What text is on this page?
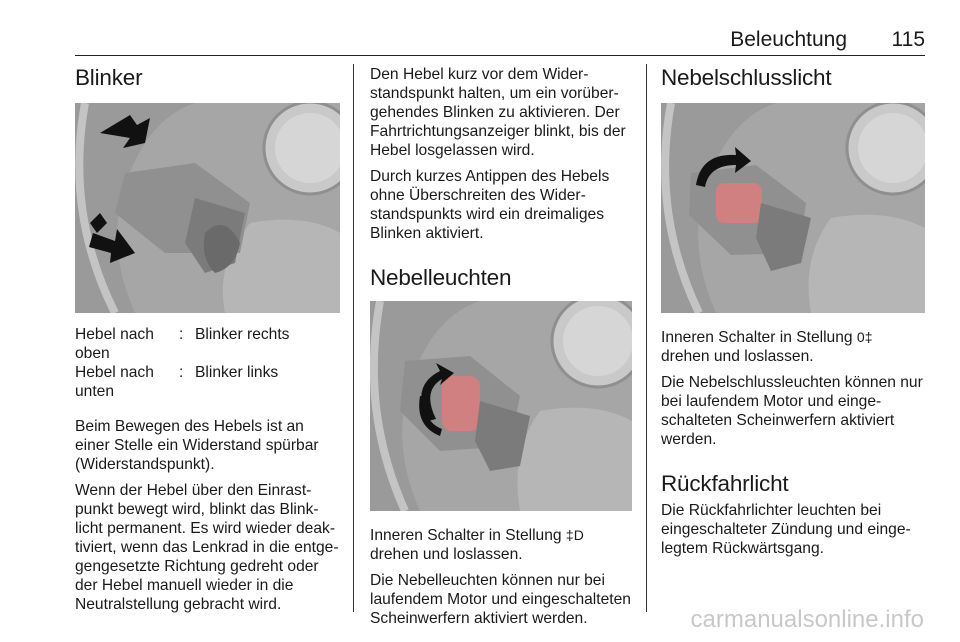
Beleuchtung 115
Blinker
Hebel nach oben	:	Blinker rechts
Hebel nach unten	:	Blinker links

Beim Bewegen des Hebels ist an einer Stelle ein Widerstand spürbar (Widerstandspunkt).

Wenn der Hebel über den Einrastpunkt bewegt wird, blinkt das Blinklicht permanent. Es wird wieder deaktiviert, wenn das Lenkrad in die entgegengesetzte Richtung gedreht oder der Hebel manuell wieder in die Neutralstellung gebracht wird.

Den Hebel kurz vor dem Widerstandspunkt halten, um ein vorübergehendes Blinken zu aktivieren. Der Fahrtrichtungsanzeiger blinkt, bis der Hebel losgelassen wird.

Durch kurzes Antippen des Hebels ohne Überschreiten des Widerstandspunkts wird ein dreimaliges Blinken aktiviert.

Nebelleuchten

Inneren Schalter in Stellung ‡D drehen und loslassen.

Die Nebelleuchten können nur bei laufendem Motor und eingeschalteten Scheinwerfern aktiviert werden.

Nebelschlusslicht

Inneren Schalter in Stellung 0‡ drehen und loslassen.

Die Nebelschlussleuchten können nur bei laufendem Motor und eingeschalteten Scheinwerfern aktiviert werden.

Rückfahrlicht

Die Rückfahrlichter leuchten bei eingeschalteter Zündung und eingelegtem Rückwärtsgang.

carmanualsonline.info
